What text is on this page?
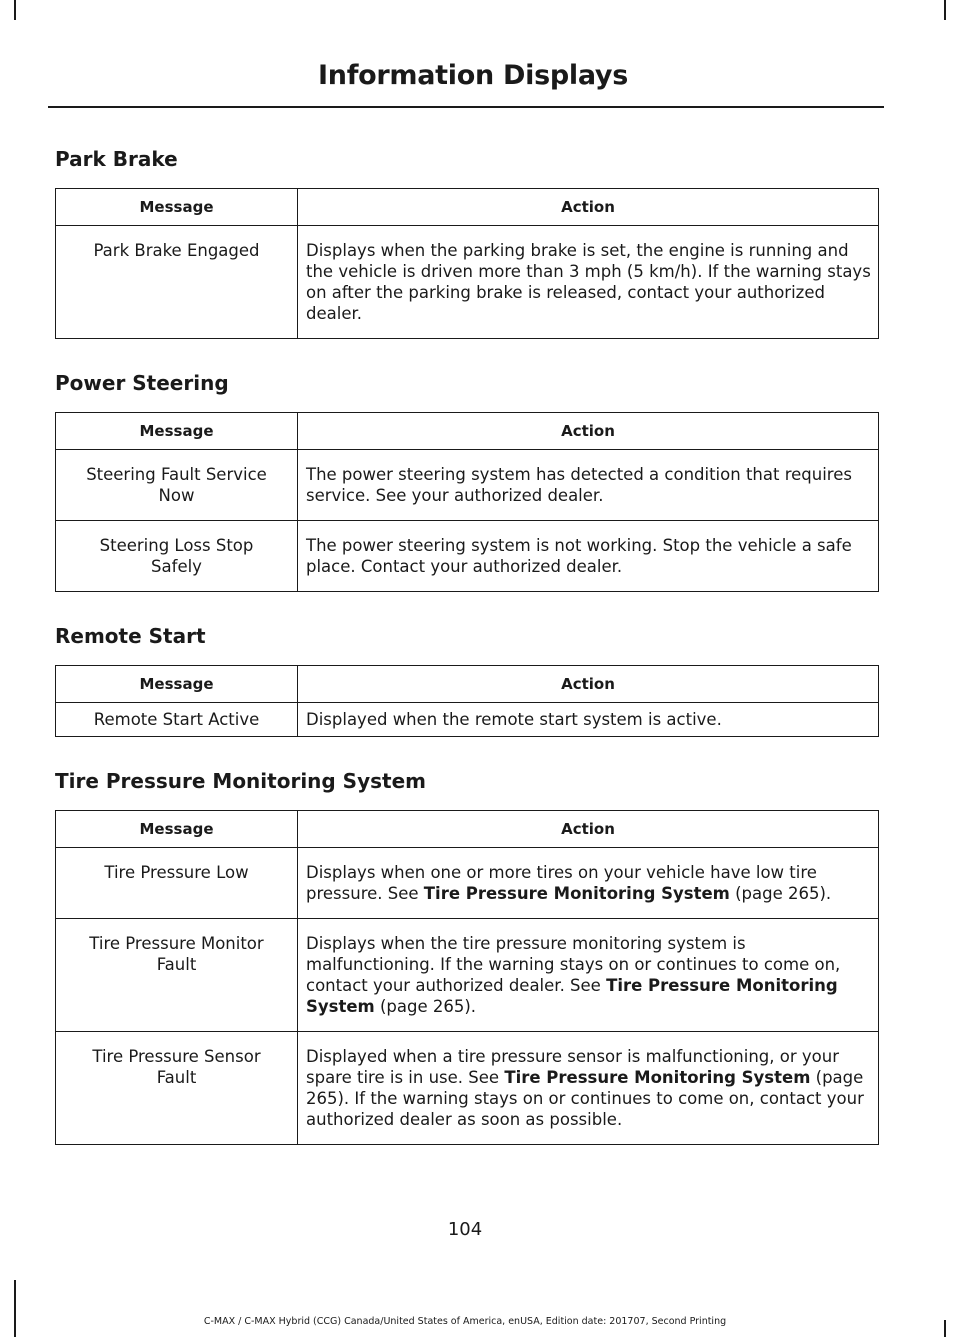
Information Displays
Park Brake
Message	Action
Park Brake Engaged	Displays when the parking brake is set, the engine is running and the vehicle is driven more than 3 mph (5 km/h). If the warning stays on after the parking brake is released, contact your authorized dealer.
Power Steering
Message	Action
Steering Fault Service Now	The power steering system has detected a condition that requires service. See your authorized dealer.
Steering Loss Stop Safely	The power steering system is not working. Stop the vehicle a safe place. Contact your authorized dealer.
Remote Start
Message	Action
Remote Start Active	Displayed when the remote start system is active.
Tire Pressure Monitoring System
Message	Action
Tire Pressure Low	Displays when one or more tires on your vehicle have low tire pressure. See Tire Pressure Monitoring System (page 265).
Tire Pressure Monitor Fault	Displays when the tire pressure monitoring system is malfunctioning. If the warning stays on or continues to come on, contact your authorized dealer. See Tire Pressure Monitoring System (page 265).
Tire Pressure Sensor Fault	Displayed when a tire pressure sensor is malfunctioning, or your spare tire is in use. See Tire Pressure Monitoring System (page 265). If the warning stays on or continues to come on, contact your authorized dealer as soon as possible.
104
C-MAX / C-MAX Hybrid (CCG) Canada/United States of America, enUSA, Edition date: 201707, Second Printing
